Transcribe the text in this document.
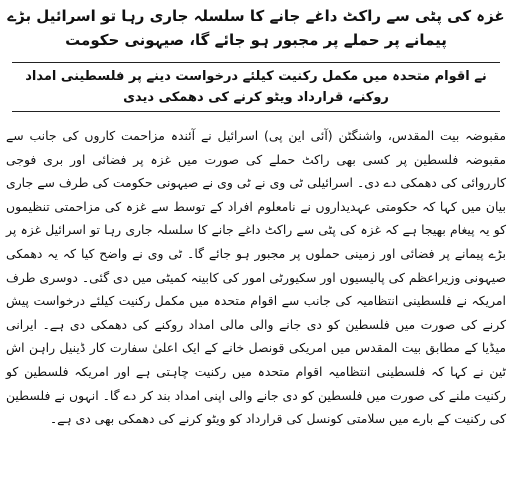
غزہ کی پٹی سے راکٹ داغے جانے کا سلسلہ جاری رہا تو اسرائیل بڑے پیمانے پر حملے پر مجبور ہو جائے گا، صیہونی حکومت
نے اقوام متحدہ میں مکمل رکنیت کیلئے درخواست دینے پر فلسطینی امداد روکنے، قرارداد ویٹو کرنے کی دھمکی دیدی

مقبوضہ بیت المقدس، واشنگٹن (آئی این پی) اسرائیل نے آئندہ مزاحمت کاروں کی جانب سے مقبوضہ فلسطین پر کسی بھی راکٹ حملے کی صورت میں غزہ پر فضائی اور بری فوجی کارروائی کی دھمکی دے دی۔ اسرائیلی ٹی وی نے ٹی وی نے صیہونی حکومت کی طرف سے جاری بیان میں کہا کہ حکومتی عہدیداروں نے نامعلوم افراد کے توسط سے غزہ کی مزاحمتی تنظیموں کو یہ پیغام بھیجا ہے کہ غزہ کی پٹی سے راکٹ داغے جانے کا سلسلہ جاری رہا تو اسرائیل غزہ پر بڑے پیمانے پر فضائی اور زمینی حملوں پر مجبور ہو جائے گا۔ ٹی وی نے واضح کیا کہ یہ دھمکی صیہونی وزیراعظم کی پالیسیوں اور سکیورٹی امور کی کابینہ کمیٹی میں دی گئی۔ دوسری طرف امریکہ نے فلسطینی انتظامیہ کی جانب سے اقوام متحدہ میں مکمل رکنیت کیلئے درخواست پیش کرنے کی صورت میں فلسطین کو دی جانے والی مالی امداد روکنے کی دھمکی دی ہے۔ ایرانی میڈیا کے مطابق بیت المقدس میں امریکی قونصل خانے کے ایک اعلیٰ سفارت کار ڈینیل راہن اش ٹین نے کہا کہ فلسطینی انتظامیہ اقوام متحدہ میں رکنیت چاہتی ہے اور امریکہ فلسطین کو رکنیت ملنے کی صورت میں فلسطین کو دی جانے والی اپنی امداد بند کر دے گا۔ انہوں نے فلسطین کی رکنیت کے بارے میں سلامتی کونسل کی قرارداد کو ویٹو کرنے کی دھمکی بھی دی ہے۔
